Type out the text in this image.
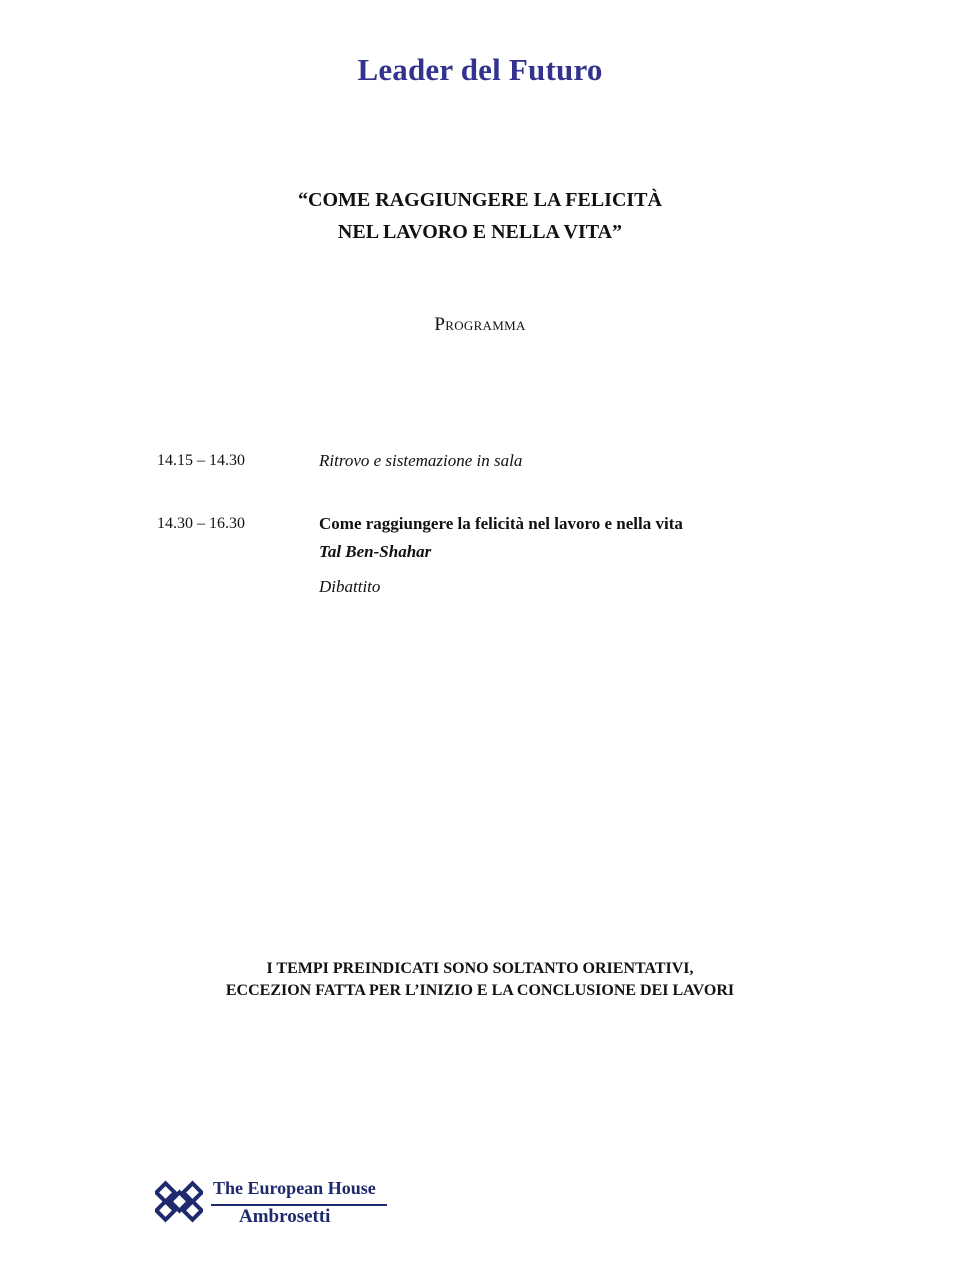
Leader del Futuro
“COME RAGGIUNGERE LA FELICITÀ
NEL LAVORO E NELLA VITA”
Programma
14.15 – 14.30	Ritrovo e sistemazione in sala
14.30 – 16.30	Come raggiungere la felicità nel lavoro e nella vita
Tal Ben-Shahar
Dibattito
I TEMPI PREINDICATI SONO SOLTANTO ORIENTATIVI,
ECCEZION FATTA PER L’INIZIO E LA CONCLUSIONE DEI LAVORI
The European House
Ambrosetti
